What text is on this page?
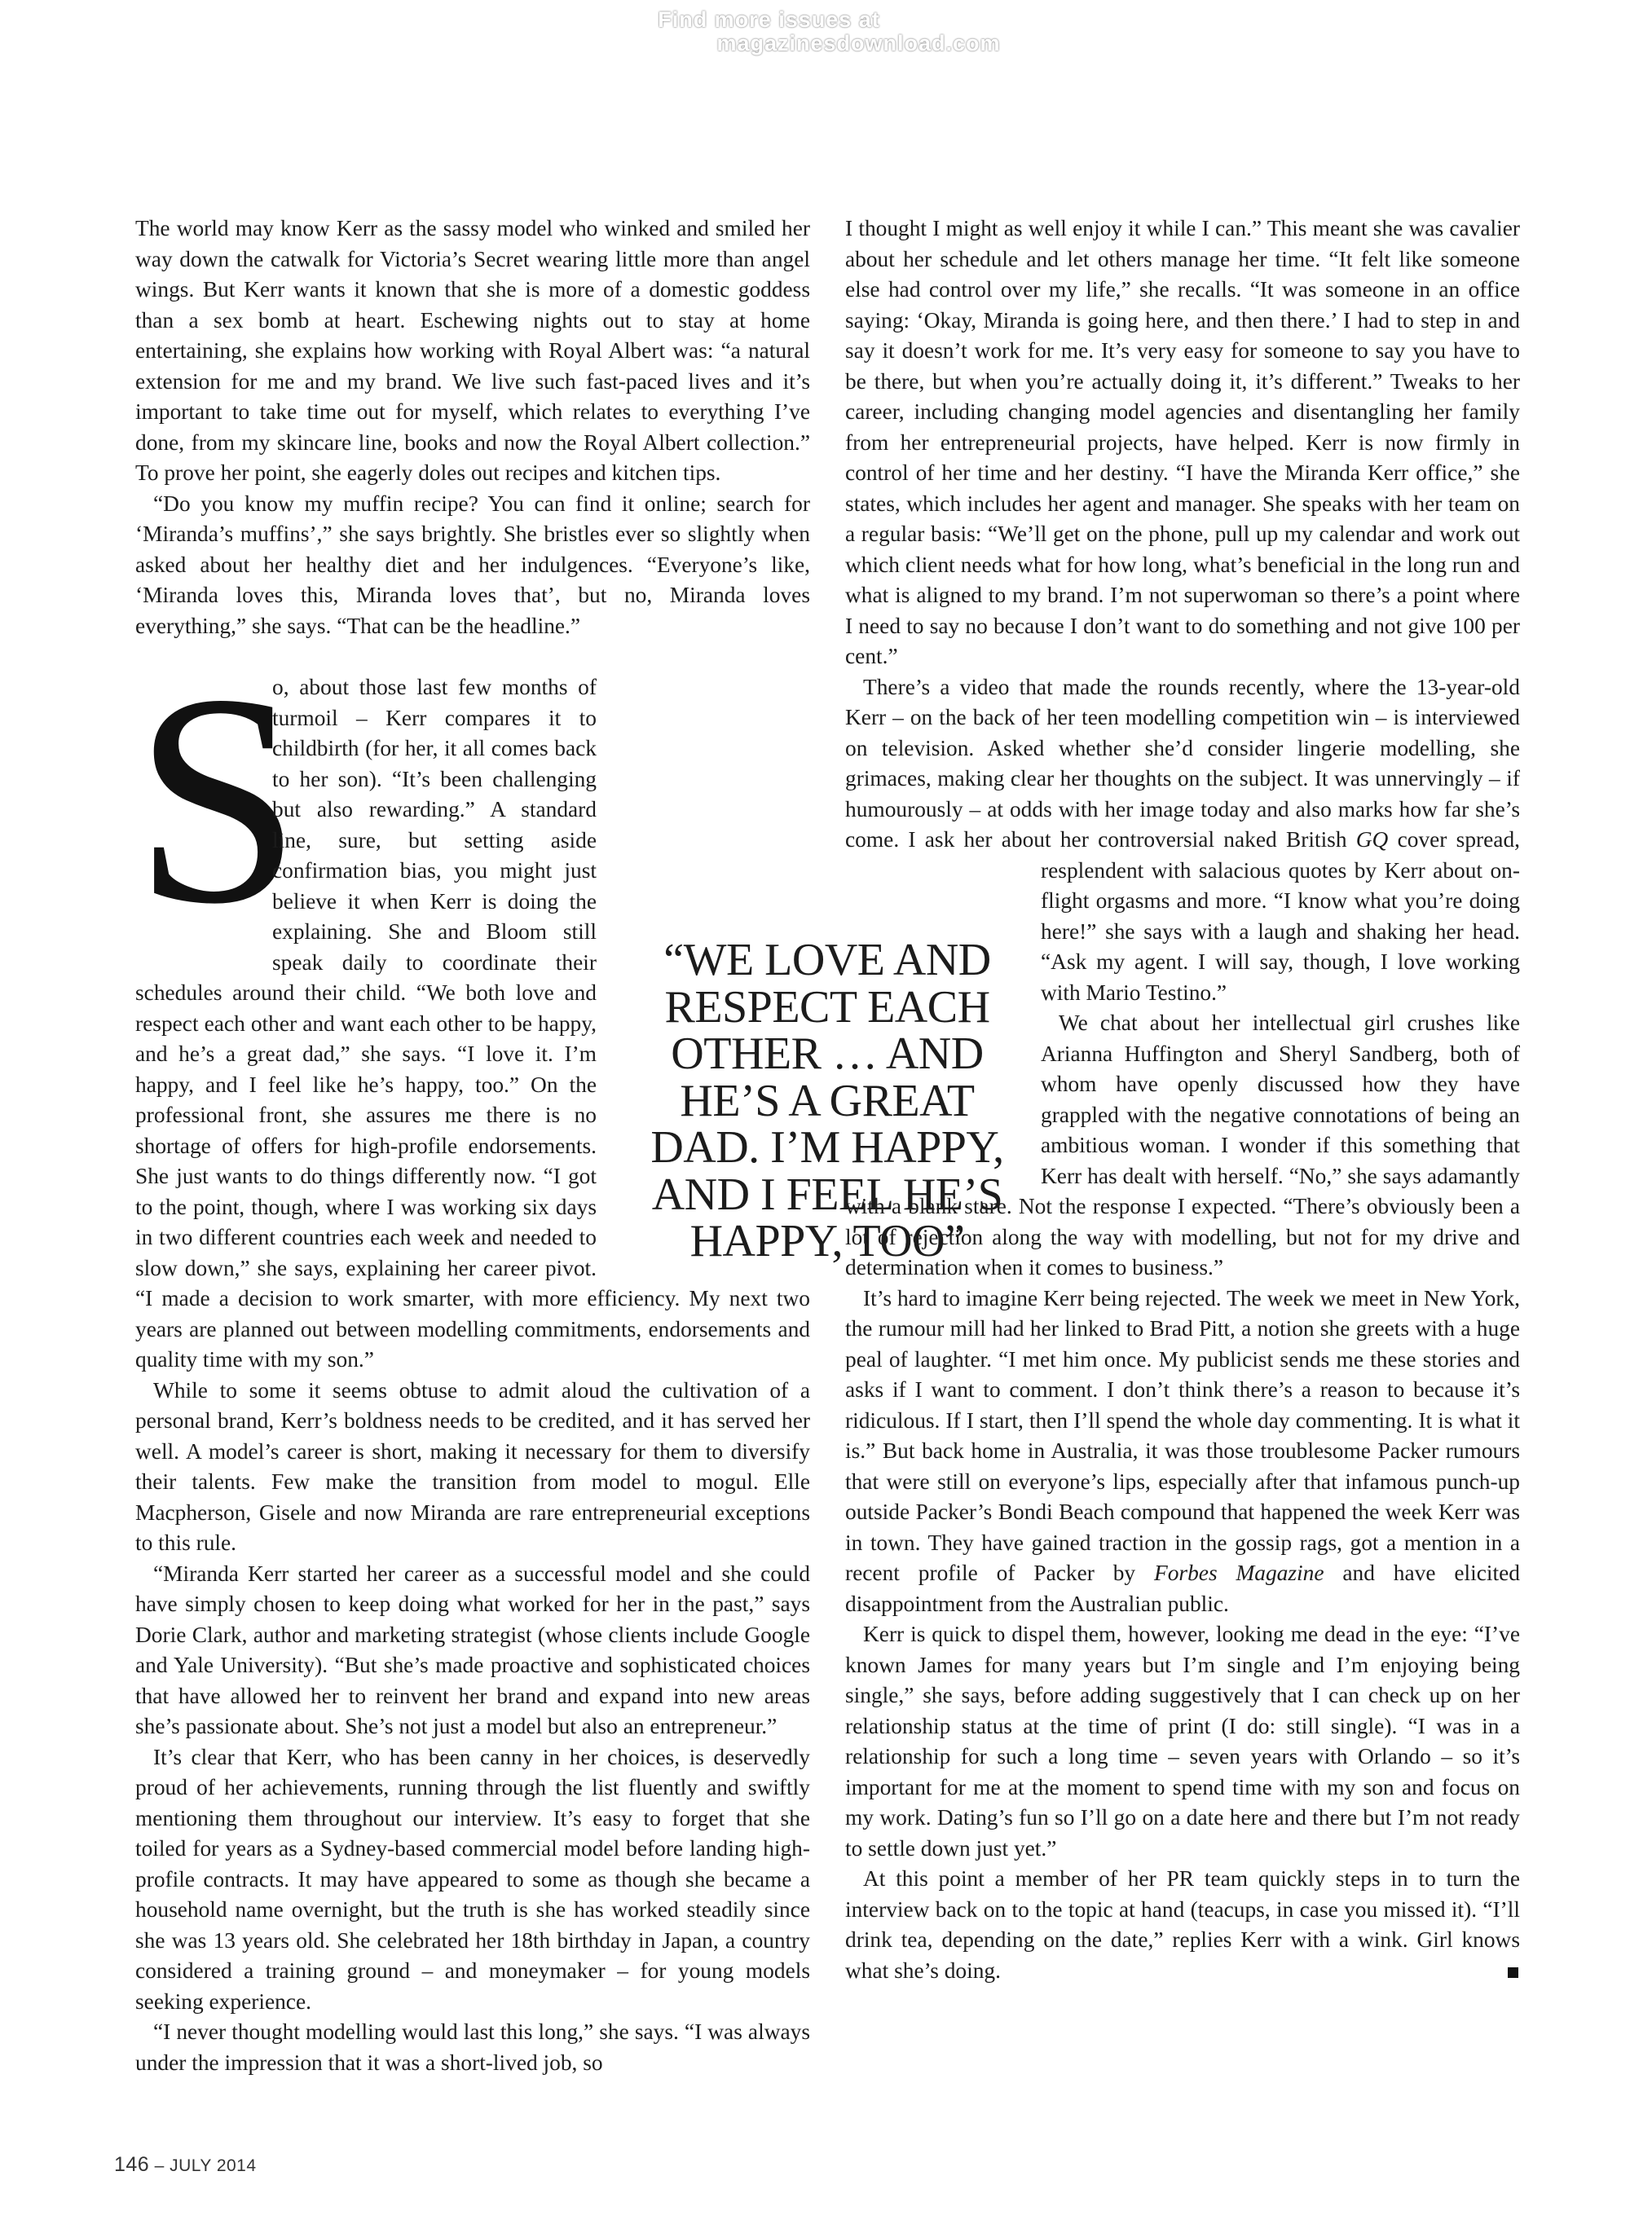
Find more issues at
magazinesdownload.com

The world may know Kerr as the sassy model who winked and smiled her way down the catwalk for Victoria’s Secret wearing little more than angel wings. But Kerr wants it known that she is more of a domestic goddess than a sex bomb at heart. Eschewing nights out to stay at home entertaining, she explains how working with Royal Albert was: “a natural extension for me and my brand. We live such fast-paced lives and it’s important to take time out for myself, which relates to everything I’ve done, from my skincare line, books and now the Royal Albert collection.” To prove her point, she eagerly doles out recipes and kitchen tips.

“Do you know my muffin recipe? You can find it online; search for ‘Miranda’s muffins’,” she says brightly. She bristles ever so slightly when asked about her healthy diet and her indulgences. “Everyone’s like, ‘Miranda loves this, Miranda loves that’, but no, Miranda loves everything,” she says. “That can be the headline.”

S
o, about those last few months of turmoil – Kerr compares it to childbirth (for her, it all comes back to her son). “It’s been challenging but also rewarding.” A standard line, sure, but setting aside confirmation bias, you might just believe it when Kerr is doing the explaining. She and Bloom still speak daily to coordinate their schedules around their child. “We both love and respect each other and want each other to be happy, and he’s a great dad,” she says. “I love it. I’m happy, and I feel like he’s happy, too.” On the professional front, she assures me there is no shortage of offers for high-profile endorsements. She just wants to do things differently now. “I got to the point, though, where I was working six days in two different countries each week and needed to slow down,” she says, explaining her career pivot. “I made a decision to work smarter, with more efficiency. My next two years are planned out between modelling commitments, endorsements and quality time with my son.”

While to some it seems obtuse to admit aloud the cultivation of a personal brand, Kerr’s boldness needs to be credited, and it has served her well. A model’s career is short, making it necessary for them to diversify their talents. Few make the transition from model to mogul. Elle Macpherson, Gisele and now Miranda are rare entrepreneurial exceptions to this rule.

“Miranda Kerr started her career as a successful model and she could have simply chosen to keep doing what worked for her in the past,” says Dorie Clark, author and marketing strategist (whose clients include Google and Yale University). “But she’s made proactive and sophisticated choices that have allowed her to reinvent her brand and expand into new areas she’s passionate about. She’s not just a model but also an entrepreneur.”

It’s clear that Kerr, who has been canny in her choices, is deservedly proud of her achievements, running through the list fluently and swiftly mentioning them throughout our interview. It’s easy to forget that she toiled for years as a Sydney-based commercial model before landing high-profile contracts. It may have appeared to some as though she became a household name overnight, but the truth is she has worked steadily since she was 13 years old. She celebrated her 18th birthday in Japan, a country considered a training ground – and moneymaker – for young models seeking experience.

“I never thought modelling would last this long,” she says. “I was always under the impression that it was a short-lived job, so

I thought I might as well enjoy it while I can.” This meant she was cavalier about her schedule and let others manage her time. “It felt like someone else had control over my life,” she recalls. “It was someone in an office saying: ‘Okay, Miranda is going here, and then there.’ I had to step in and say it doesn’t work for me. It’s very easy for someone to say you have to be there, but when you’re actually doing it, it’s different.” Tweaks to her career, including changing model agencies and disentangling her family from her entrepreneurial projects, have helped. Kerr is now firmly in control of her time and her destiny. “I have the Miranda Kerr office,” she states, which includes her agent and manager. She speaks with her team on a regular basis: “We’ll get on the phone, pull up my calendar and work out which client needs what for how long, what’s beneficial in the long run and what is aligned to my brand. I’m not superwoman so there’s a point where I need to say no because I don’t want to do something and not give 100 per cent.”

There’s a video that made the rounds recently, where the 13-year-old Kerr – on the back of her teen modelling competition win – is interviewed on television. Asked whether she’d consider lingerie modelling, she grimaces, making clear her thoughts on the subject. It was unnervingly – if humourously – at odds with her image today and also marks how far she’s come. I ask her about her controversial naked British GQ
cover spread, resplendent with salacious quotes by Kerr about on-flight orgasms and more. “I know what you’re doing here!” she says with a laugh and shaking her head. “Ask my agent. I will say, though, I love working with Mario Testino.”

We chat about her intellectual girl crushes like Arianna Huffington and Sheryl Sandberg, both of whom have openly discussed how they have grappled with the negative connotations of being an ambitious woman. I wonder if this something that Kerr has dealt with herself. “No,” she says adamantly with a blank stare. Not the response I expected. “There’s obviously been a lot of rejection along the way with modelling, but not for my drive and determination when it comes to business.”

It’s hard to imagine Kerr being rejected. The week we meet in New York, the rumour mill had her linked to Brad Pitt, a notion she greets with a huge peal of laughter. “I met him once. My publicist sends me these stories and asks if I want to comment. I don’t think there’s a reason to because it’s ridiculous. If I start, then I’ll spend the whole day commenting. It is what it is.” But back home in Australia, it was those troublesome Packer rumours that were still on everyone’s lips, especially after that infamous punch-up outside Packer’s Bondi Beach compound that happened the week Kerr was in town. They have gained traction in the gossip rags, got a mention in a recent profile of Packer by Forbes Magazine and have elicited disappointment from the Australian public.

Kerr is quick to dispel them, however, looking me dead in the eye: “I’ve known James for many years but I’m single and I’m enjoying being single,” she says, before adding suggestively that I can check up on her relationship status at the time of print (I do: still single). “I was in a relationship for such a long time – seven years with Orlando – so it’s important for me at the moment to spend time with my son and focus on my work. Dating’s fun so I’ll go on a date here and there but I’m not ready to settle down just yet.”

At this point a member of her PR team quickly steps in to turn the interview back on to the topic at hand (teacups, in case you missed it). “I’ll drink tea, depending on the date,” replies Kerr with a wink. Girl knows what she’s doing.

“WE LOVE AND RESPECT EACH OTHER … AND HE’S A GREAT DAD. I’M HAPPY, AND I FEEL HE’S HAPPY, TOO”
146 – JULY 2014
